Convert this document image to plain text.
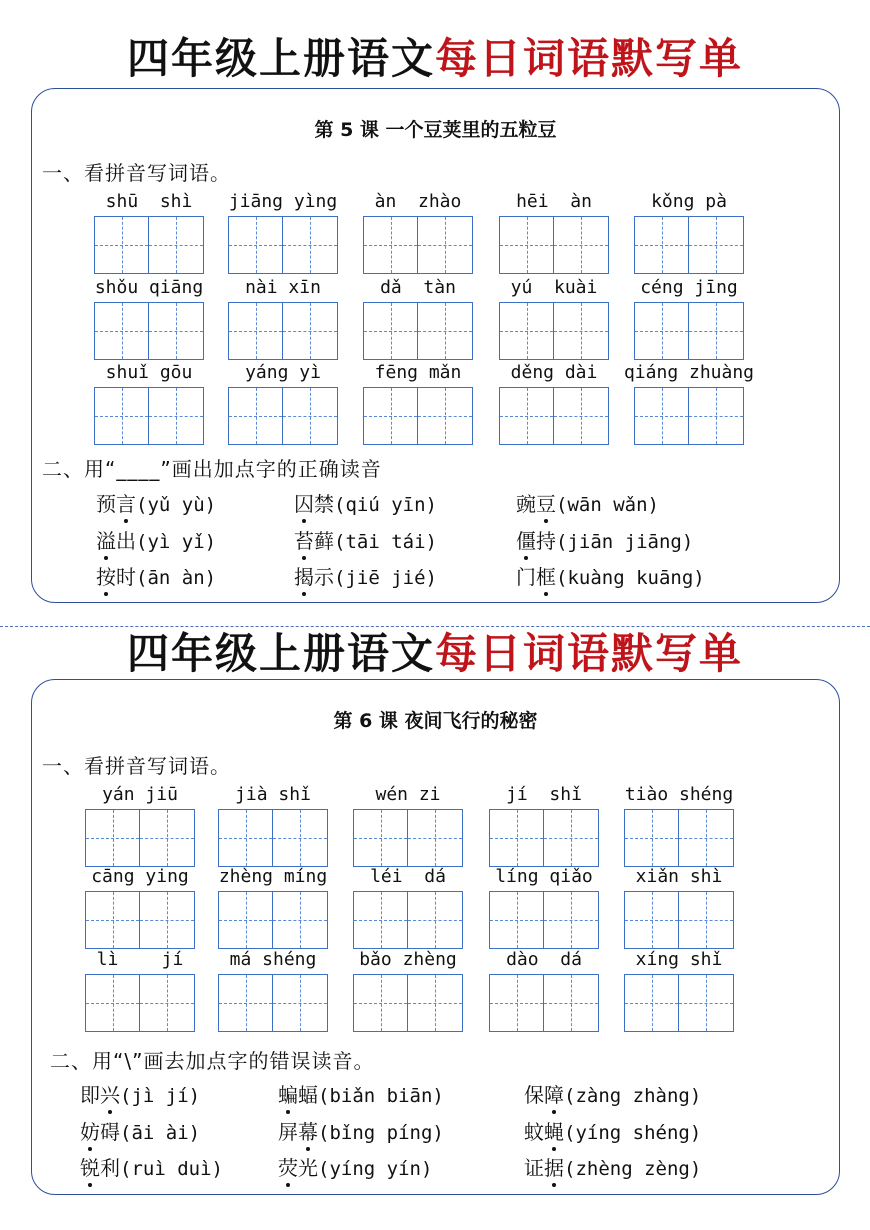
四年级上册语文每日词语默写单
第 5 课 一个豆荚里的五粒豆
一、看拼音写词语。
shū  shì	jiāng yìng	àn  zhào	hēi  àn	kǒng pà
shǒu qiāng	nài xīn	dǎ  tàn	yú  kuài	céng jīng
shuǐ gōu	yáng yì	fēng mǎn	děng dài	qiáng zhuàng
二、用“____”画出加点字的正确读音
预言(yǔ yù)	囚禁(qiú yīn)	豌豆(wān wǎn)
溢出(yì yǐ)	苔藓(tāi tái)	僵持(jiān jiāng)
按时(ān àn)	揭示(jiē jié)	门框(kuàng kuāng)
四年级上册语文每日词语默写单
第 6 课 夜间飞行的秘密
一、看拼音写词语。
yán jiū	jià shǐ	wén zi	jí  shǐ	tiào shéng
cāng ying	zhèng míng	léi  dá	líng qiǎo	xiǎn shì
lì    jí	má shéng	bǎo zhèng	dào  dá	xíng shǐ
二、用“\”画去加点字的错误读音。
即兴(jì jí)	蝙蝠(biǎn biān)	保障(zàng zhàng)
妨碍(āi ài)	屏幕(bǐng píng)	蚊蝇(yíng shéng)
锐利(ruì duì)	荧光(yíng yín)	证据(zhèng zèng)
